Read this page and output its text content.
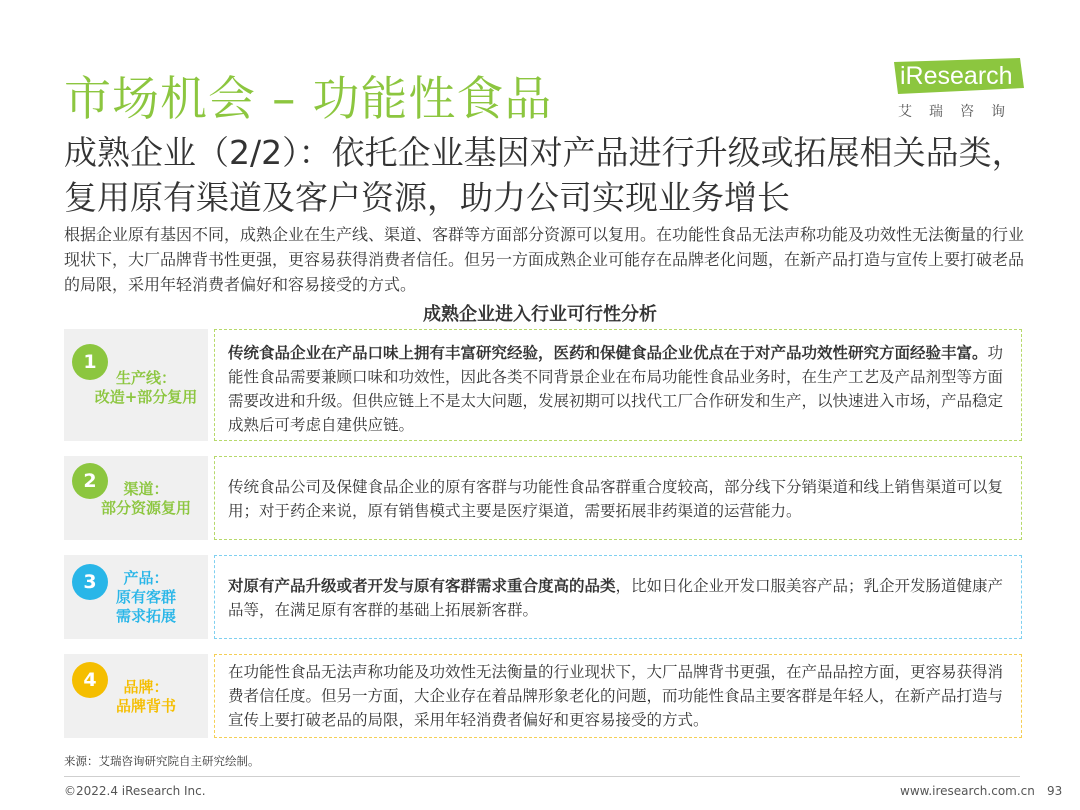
市场机会 – 功能性食品	iResearch
艾瑞咨询
成熟企业（2/2）：依托企业基因对产品进行升级或拓展相关品类，复用原有渠道及客户资源，助力公司实现业务增长
根据企业原有基因不同，成熟企业在生产线、渠道、客群等方面部分资源可以复用。在功能性食品无法声称功能及功效性无法衡量的行业现状下，大厂品牌背书性更强，更容易获得消费者信任。但另一方面成熟企业可能存在品牌老化问题，在新产品打造与宣传上要打破老品的局限，采用年轻消费者偏好和容易接受的方式。
成熟企业进入行业可行性分析
1
生产线：
改造+部分复用
传统食品企业在产品口味上拥有丰富研究经验，医药和保健食品企业优点在于对产品功效性研究方面经验丰富。功能性食品需要兼顾口味和功效性，因此各类不同背景企业在布局功能性食品业务时，在生产工艺及产品剂型等方面需要改进和升级。但供应链上不是太大问题，发展初期可以找代工厂合作研发和生产，以快速进入市场，产品稳定成熟后可考虑自建供应链。
2	渠道：
部分资源复用
传统食品公司及保健食品企业的原有客群与功能性食品客群重合度较高，部分线下分销渠道和线上销售渠道可以复用；对于药企来说，原有销售模式主要是医疗渠道，需要拓展非药渠道的运营能力。
3	产品：
原有客群
需求拓展
对原有产品升级或者开发与原有客群需求重合度高的品类，比如日化企业开发口服美容产品；乳企开发肠道健康产品等，在满足原有客群的基础上拓展新客群。
4	品牌：
品牌背书
在功能性食品无法声称功能及功效性无法衡量的行业现状下，大厂品牌背书更强，在产品品控方面，更容易获得消费者信任度。但另一方面，大企业存在着品牌形象老化的问题，而功能性食品主要客群是年轻人，在新产品打造与宣传上要打破老品的局限，采用年轻消费者偏好和更容易接受的方式。
来源：艾瑞咨询研究院自主研究绘制。
©2022.4 iResearch Inc.	www.iresearch.com.cn 93
